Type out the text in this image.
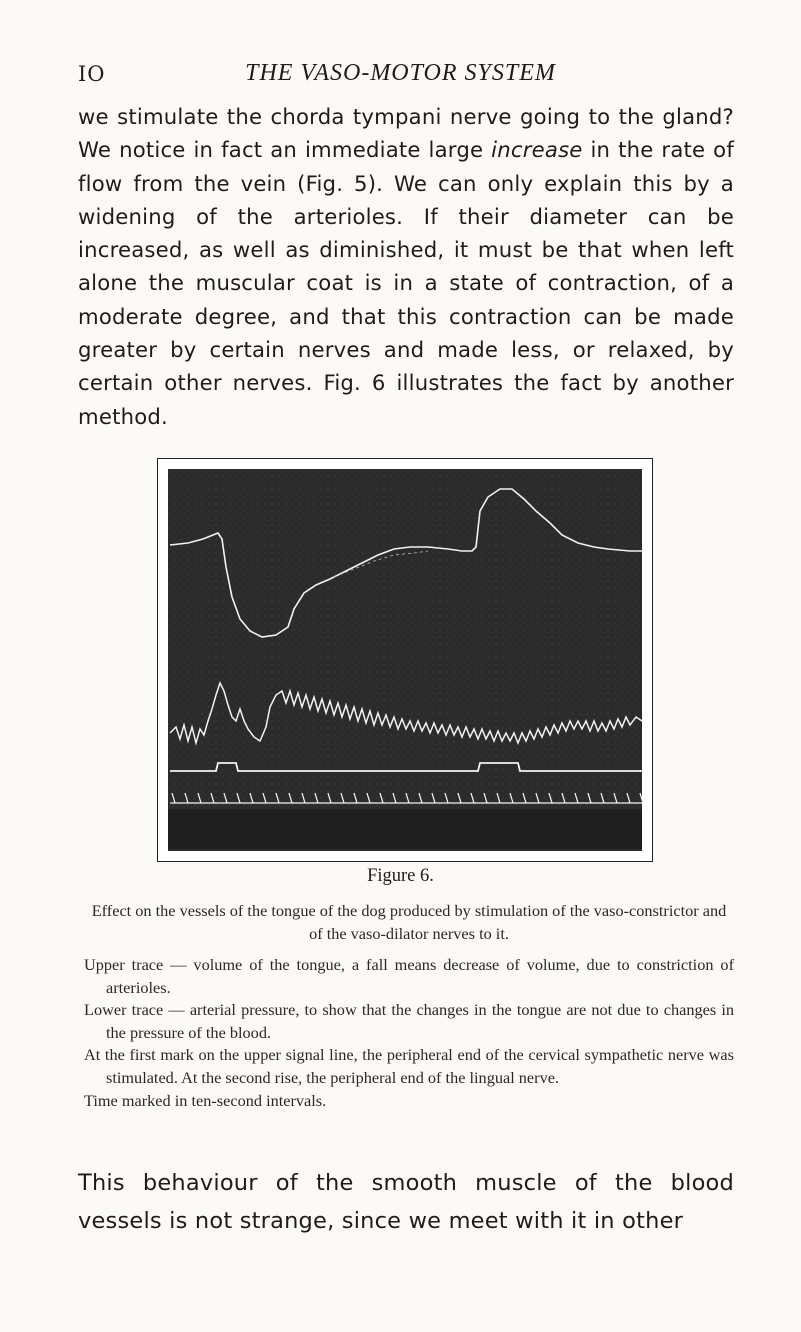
IO	THE VASO-MOTOR SYSTEM
we stimulate the chorda tympani nerve going to the gland? We notice in fact an immediate large increase in the rate of flow from the vein (Fig. 5). We can only explain this by a widening of the arterioles. If their diameter can be increased, as well as diminished, it must be that when left alone the muscular coat is in a state of contraction, of a moderate degree, and that this contraction can be made greater by certain nerves and made less, or relaxed, by certain other nerves. Fig. 6 illustrates the fact by another method.
Figure 6.

Effect on the vessels of the tongue of the dog produced by stimulation of the vaso-constrictor and of the vaso-dilator nerves to it.

Upper trace — volume of the tongue, a fall means decrease of volume, due to constriction of arterioles.

Lower trace — arterial pressure, to show that the changes in the tongue are not due to changes in the pressure of the blood.

At the first mark on the upper signal line, the peripheral end of the cervical sympathetic nerve was stimulated. At the second rise, the peripheral end of the lingual nerve.

Time marked in ten-second intervals.

This behaviour of the smooth muscle of the blood vessels is not strange, since we meet with it in other
